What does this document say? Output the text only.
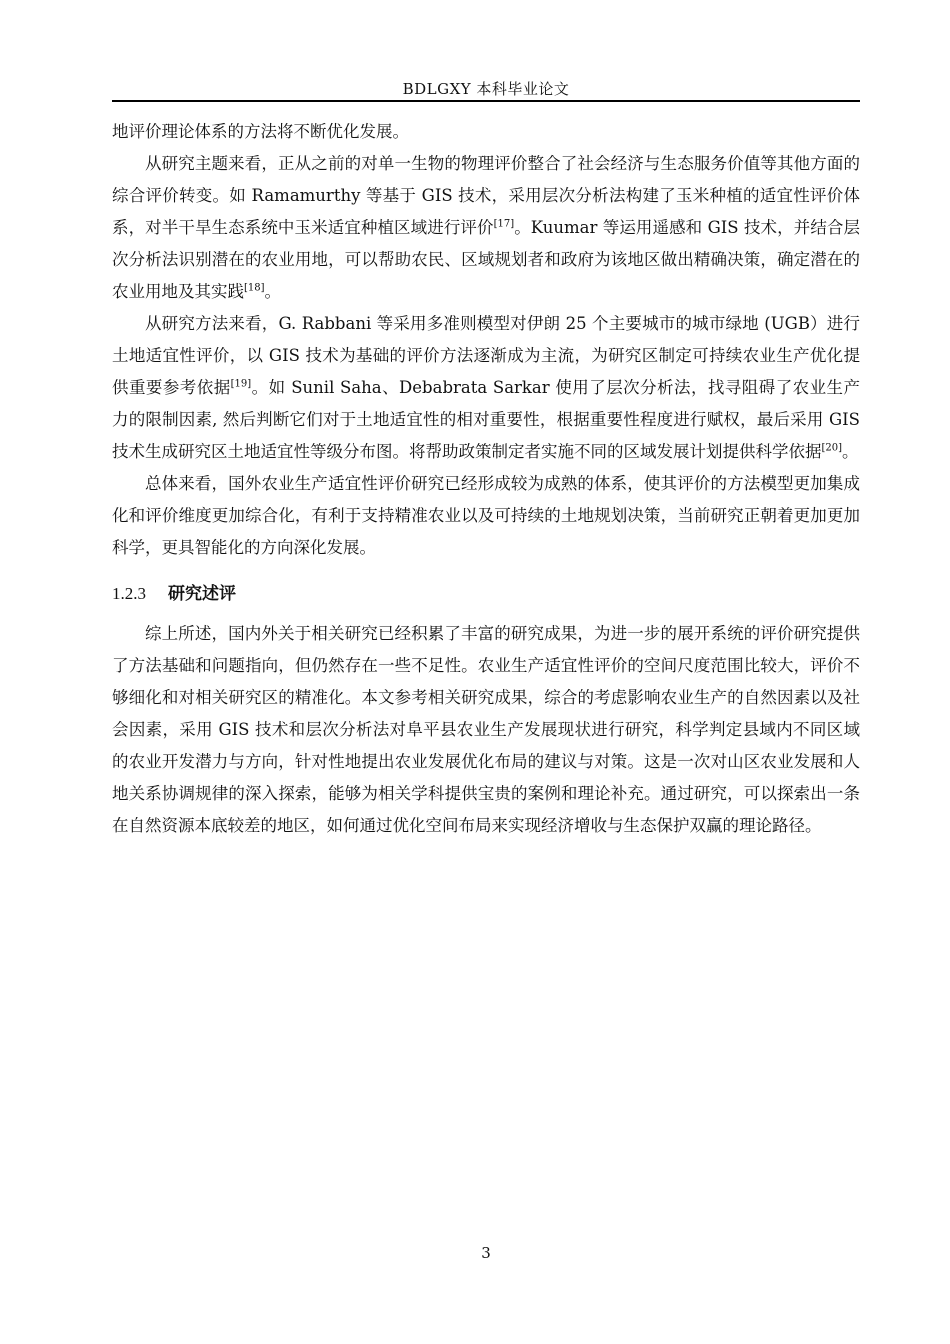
BDLGXY 本科毕业论文

地评价理论体系的方法将不断优化发展。

从研究主题来看，正从之前的对单一生物的物理评价整合了社会经济与生态服务价值等其他方面的综合评价转变。如 Ramamurthy 等基于 GIS 技术，采用层次分析法构建了玉米种植的适宜性评价体系，对半干旱生态系统中玉米适宜种植区域进行评价[17]。Kuumar 等运用遥感和 GIS 技术，并结合层次分析法识别潜在的农业用地，可以帮助农民、区域规划者和政府为该地区做出精确决策，确定潜在的农业用地及其实践[18]。

从研究方法来看，G. Rabbani 等采用多准则模型对伊朗 25 个主要城市的城市绿地 (UGB）进行土地适宜性评价，以 GIS 技术为基础的评价方法逐渐成为主流，为研究区制定可持续农业生产优化提供重要参考依据[19]。如 Sunil Saha、Debabrata Sarkar 使用了层次分析法，找寻阻碍了农业生产力的限制因素, 然后判断它们对于土地适宜性的相对重要性，根据重要性程度进行赋权，最后采用 GIS 技术生成研究区土地适宜性等级分布图。将帮助政策制定者实施不同的区域发展计划提供科学依据[20]。

总体来看，国外农业生产适宜性评价研究已经形成较为成熟的体系，使其评价的方法模型更加集成化和评价维度更加综合化，有利于支持精准农业以及可持续的土地规划决策，当前研究正朝着更加更加科学，更具智能化的方向深化发展。

1.2.3 研究述评

综上所述，国内外关于相关研究已经积累了丰富的研究成果，为进一步的展开系统的评价研究提供了方法基础和问题指向，但仍然存在一些不足性。农业生产适宜性评价的空间尺度范围比较大，评价不够细化和对相关研究区的精准化。本文参考相关研究成果，综合的考虑影响农业生产的自然因素以及社会因素，采用 GIS 技术和层次分析法对阜平县农业生产发展现状进行研究，科学判定县域内不同区域的农业开发潜力与方向，针对性地提出农业发展优化布局的建议与对策。这是一次对山区农业发展和人地关系协调规律的深入探索，能够为相关学科提供宝贵的案例和理论补充。通过研究，可以探索出一条在自然资源本底较差的地区，如何通过优化空间布局来实现经济增收与生态保护双赢的理论路径。

3
